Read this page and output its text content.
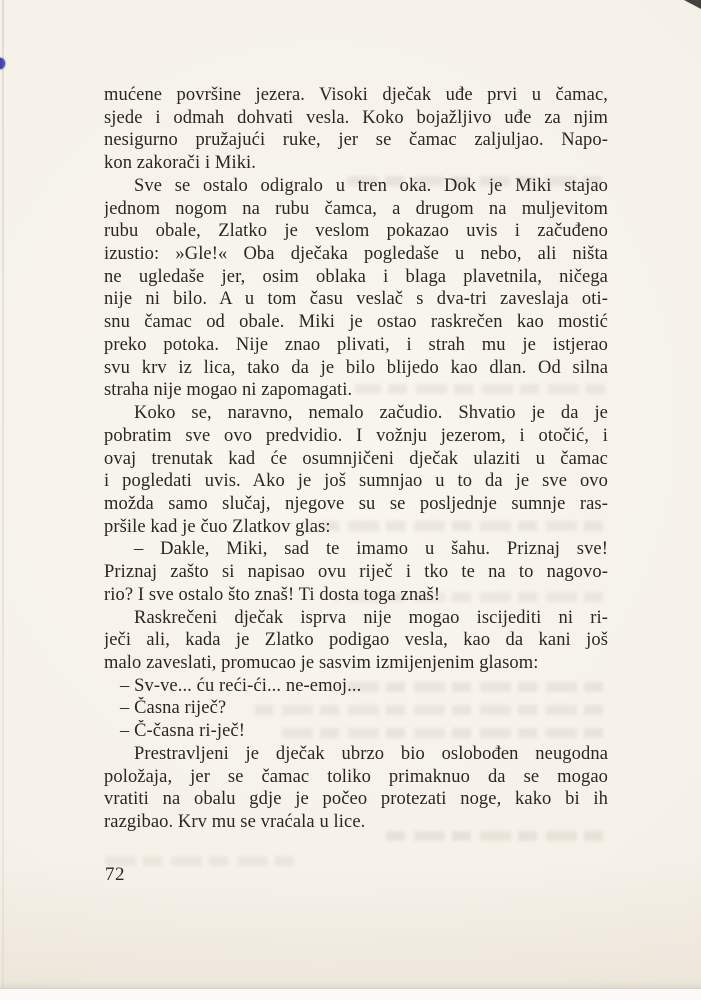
mućene površine jezera. Visoki dječak uđe prvi u čamac,
sjede i odmah dohvati vesla. Koko bojažljivo uđe za njim
nesigurno pružajući ruke, jer se čamac zaljuljao. Napo-
kon zakorači i Miki.
Sve se ostalo odigralo u tren oka. Dok je Miki stajao
jednom nogom na rubu čamca, a drugom na muljevitom
rubu obale, Zlatko je veslom pokazao uvis i začuđeno
izustio: »Gle!« Oba dječaka pogledaše u nebo, ali ništa
ne ugledaše jer, osim oblaka i blaga plavetnila, ničega
nije ni bilo. A u tom času veslač s dva-tri zaveslaja oti-
snu čamac od obale. Miki je ostao raskrečen kao mostić
preko potoka. Nije znao plivati, i strah mu je istjerao
svu krv iz lica, tako da je bilo blijedo kao dlan. Od silna
straha nije mogao ni zapomagati.
Koko se, naravno, nemalo začudio. Shvatio je da je
pobratim sve ovo predvidio. I vožnju jezerom, i otočić, i
ovaj trenutak kad će osumnjičeni dječak ulaziti u čamac
i pogledati uvis. Ako je još sumnjao u to da je sve ovo
možda samo slučaj, njegove su se posljednje sumnje ras-
pršile kad je čuo Zlatkov glas:
– Dakle, Miki, sad te imamo u šahu. Priznaj sve!
Priznaj zašto si napisao ovu riječ i tko te na to nagovo-
rio? I sve ostalo što znaš! Ti dosta toga znaš!
Raskrečeni dječak isprva nije mogao iscijediti ni ri-
ječi ali, kada je Zlatko podigao vesla, kao da kani još
malo zaveslati, promucao je sasvim izmijenjenim glasom:
– Sv-ve... ću reći-ći... ne-emoj...
– Časna riječ?
– Č-časna ri-ječ!
Prestravljeni je dječak ubrzo bio oslobođen neugodna
položaja, jer se čamac toliko primaknuo da se mogao
vratiti na obalu gdje je počeo protezati noge, kako bi ih
razgibao. Krv mu se vraćala u lice.
72
